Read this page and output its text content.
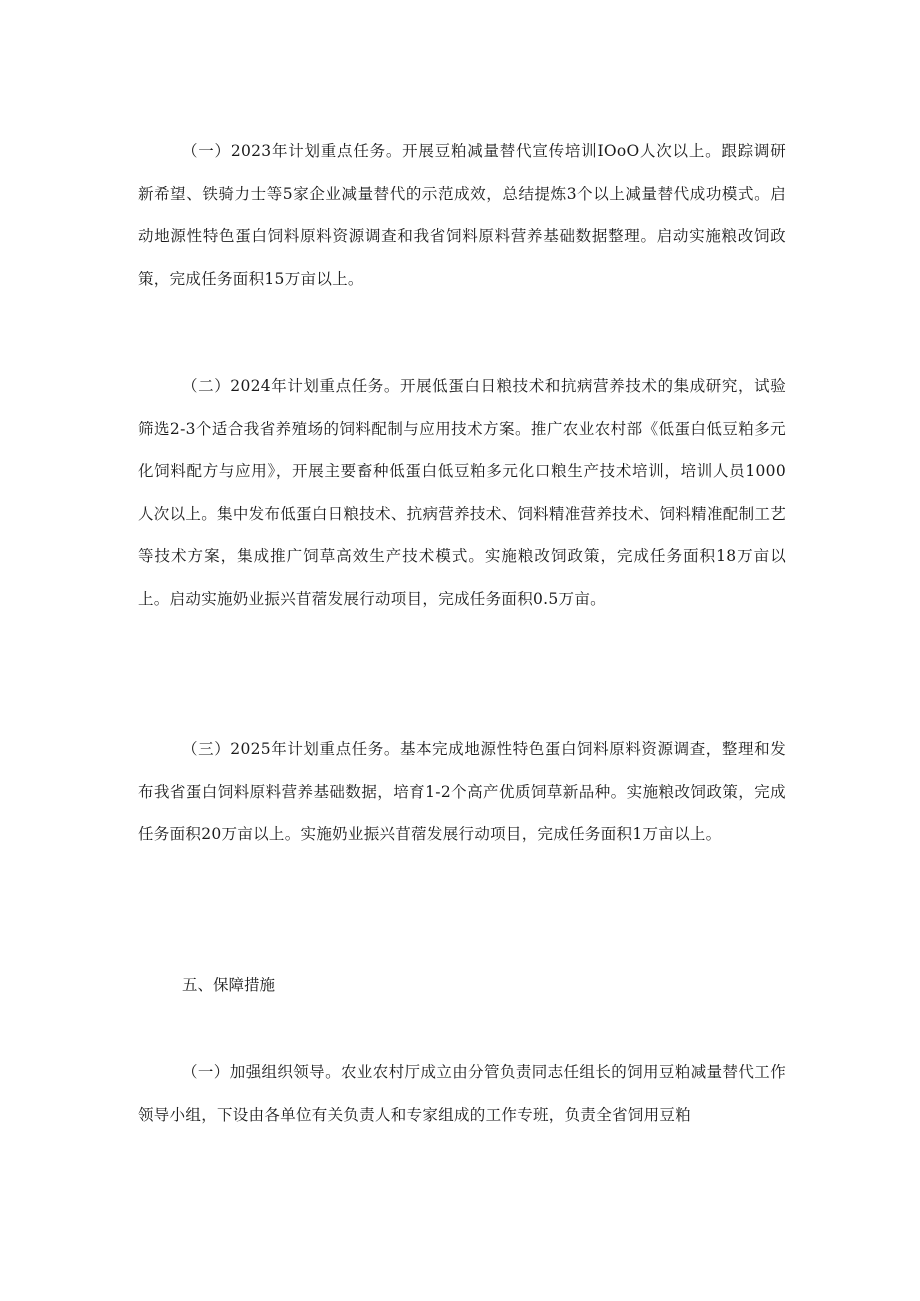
（一）2023年计划重点任务。开展豆粕减量替代宣传培训IOoO人次以上。跟踪调研新希望、铁骑力士等5家企业减量替代的示范成效，总结提炼3个以上减量替代成功模式。启动地源性特色蛋白饲料原料资源调查和我省饲料原料营养基础数据整理。启动实施粮改饲政策，完成任务面积15万亩以上。

（二）2024年计划重点任务。开展低蛋白日粮技术和抗病营养技术的集成研究，试验筛选2-3个适合我省养殖场的饲料配制与应用技术方案。推广农业农村部《低蛋白低豆粕多元化饲料配方与应用》，开展主要畜种低蛋白低豆粕多元化口粮生产技术培训，培训人员1000人次以上。集中发布低蛋白日粮技术、抗病营养技术、饲料精准营养技术、饲料精准配制工艺等技术方案，集成推广饲草高效生产技术模式。实施粮改饲政策，完成任务面积18万亩以上。启动实施奶业振兴苜蓿发展行动项目，完成任务面积0.5万亩。

（三）2025年计划重点任务。基本完成地源性特色蛋白饲料原料资源调查，整理和发布我省蛋白饲料原料营养基础数据，培育1-2个高产优质饲草新品种。实施粮改饲政策，完成任务面积20万亩以上。实施奶业振兴苜蓿发展行动项目，完成任务面积1万亩以上。

五、保障措施

（一）加强组织领导。农业农村厅成立由分管负责同志任组长的饲用豆粕减量替代工作领导小组，下设由各单位有关负责人和专家组成的工作专班，负责全省饲用豆粕
